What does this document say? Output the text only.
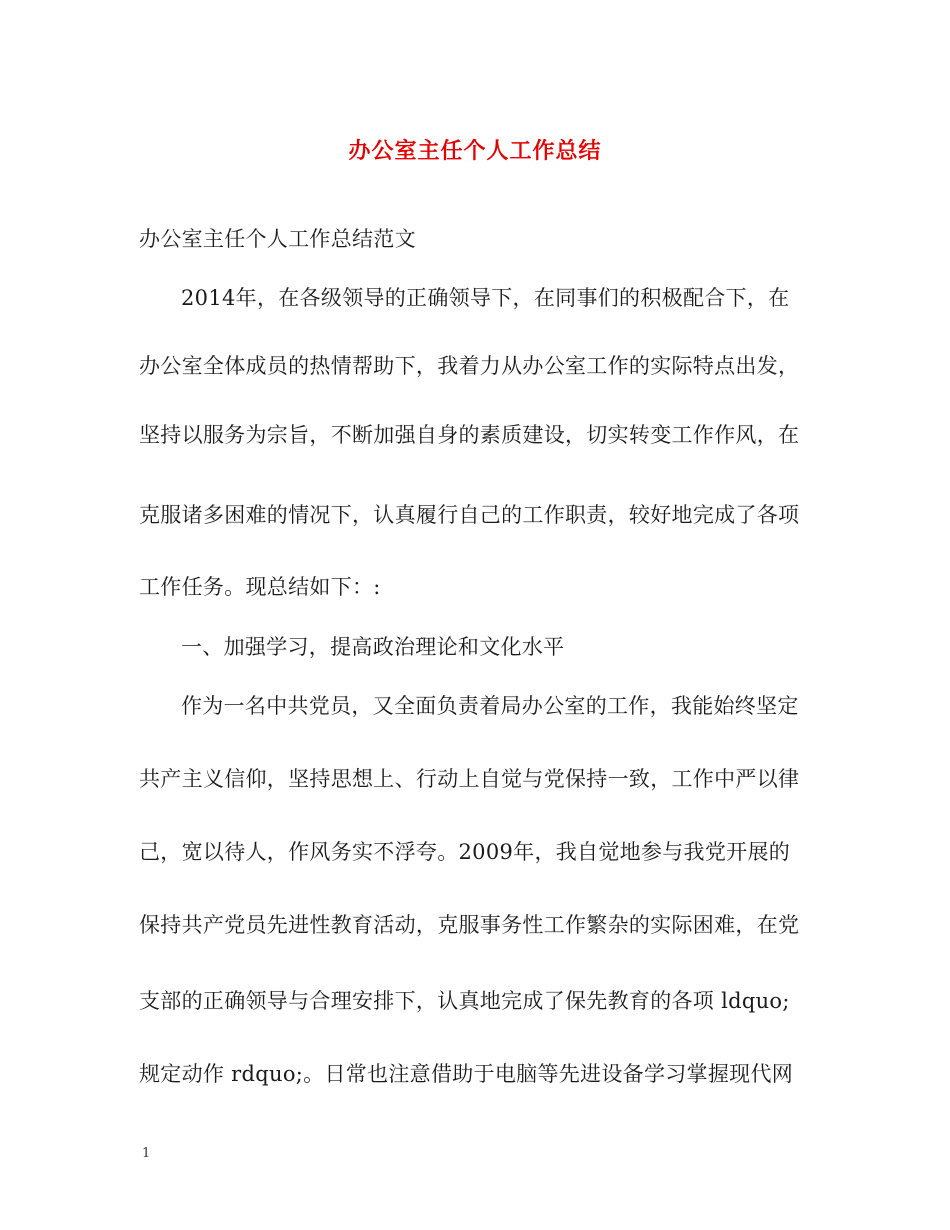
办公室主任个人工作总结
办公室主任个人工作总结范文
2014年，在各级领导的正确领导下，在同事们的积极配合下，在
办公室全体成员的热情帮助下，我着力从办公室工作的实际特点出发，
坚持以服务为宗旨，不断加强自身的素质建设，切实转变工作作风，在
克服诸多困难的情况下，认真履行自己的工作职责，较好地完成了各项
工作任务。现总结如下：:
一、加强学习，提高政治理论和文化水平
作为一名中共党员，又全面负责着局办公室的工作，我能始终坚定
共产主义信仰，坚持思想上、行动上自觉与党保持一致，工作中严以律
己，宽以待人，作风务实不浮夸。2009年，我自觉地参与我党开展的
保持共产党员先进性教育活动，克服事务性工作繁杂的实际困难，在党
支部的正确领导与合理安排下，认真地完成了保先教育的各项 ldquo;
规定动作 rdquo;。日常也注意借助于电脑等先进设备学习掌握现代网
1
